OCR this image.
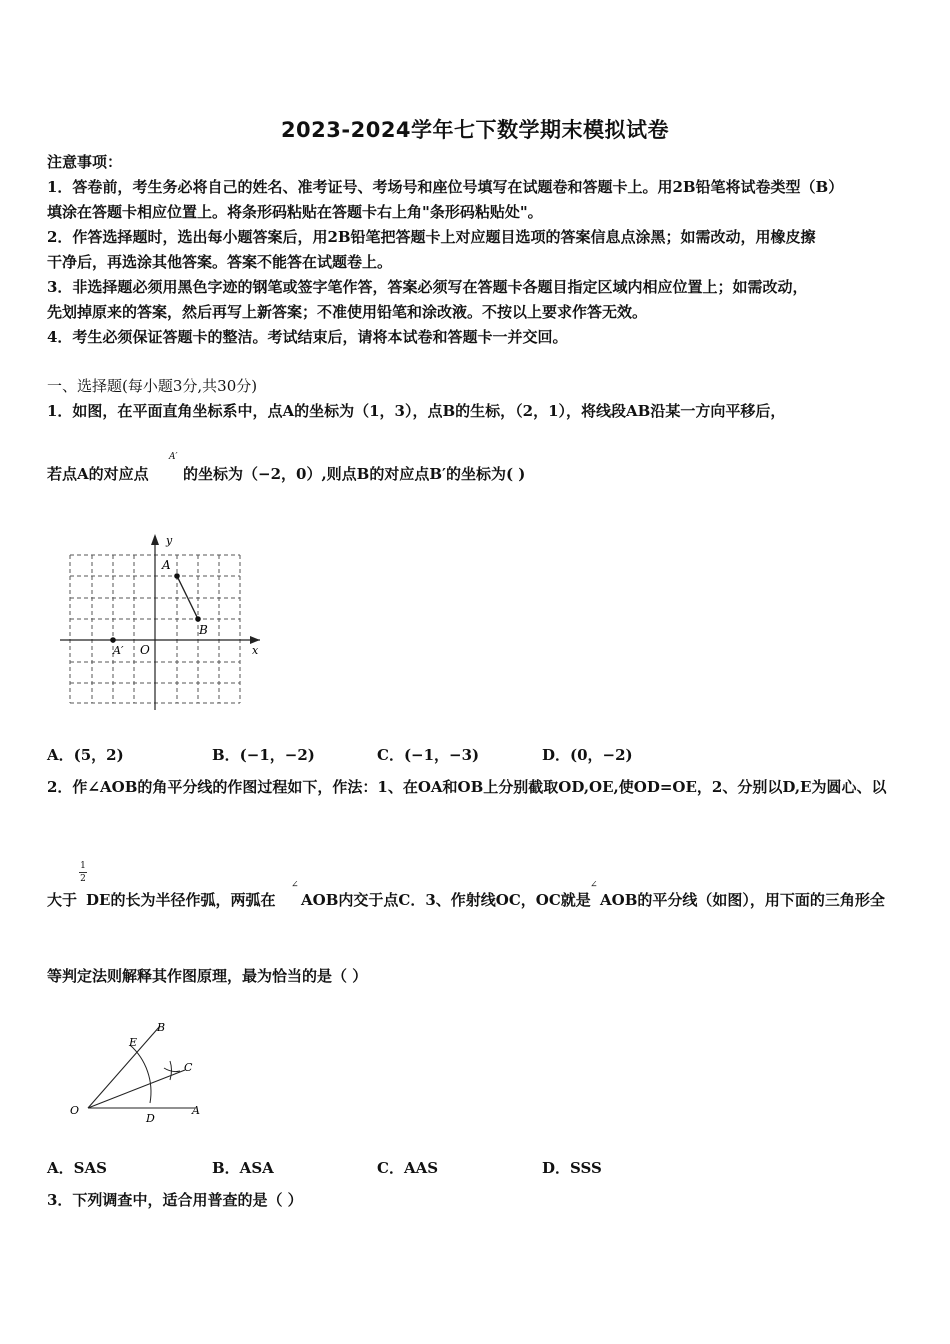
2023-2024学年七下数学期末模拟试卷
注意事项：
1．答卷前，考生务必将自己的姓名、准考证号、考场号和座位号填写在试题卷和答题卡上。用2B铅笔将试卷类型（B）
填涂在答题卡相应位置上。将条形码粘贴在答题卡右上角"条形码粘贴处"。
2．作答选择题时，选出每小题答案后，用2B铅笔把答题卡上对应题目选项的答案信息点涂黑；如需改动，用橡皮擦
干净后，再选涂其他答案。答案不能答在试题卷上。
3．非选择题必须用黑色字迹的钢笔或签字笔作答，答案必须写在答题卡各题目指定区域内相应位置上；如需改动，
先划掉原来的答案，然后再写上新答案；不准使用铅笔和涂改液。不按以上要求作答无效。
4．考生必须保证答题卡的整洁。考试结束后，请将本试卷和答题卡一并交回。
一、选择题(每小题3分,共30分)
1．如图，在平面直角坐标系中，点A的坐标为（1，3），点B的生标，（2，1），将线段AB沿某一方向平移后，
若点A的对应点
A′
的坐标为（−2，0）,则点B的对应点B′的坐标为( )
y
x
A
B
O
A′
A．(5，2)	B．(−1，−2)	C．(−1，−3)	D．(0，−2)
2．作∠AOB的角平分线的作图过程如下，作法：1、在OA和OB上分别截取OD,OE,使OD=OE，2、分别以D,E为圆心、以
1
2
大于 DE的长为半径作弧，两弧在
∠
AOB内交于点C．3、作射线OC，OC就是
∠
AOB的平分线（如图），用下面的三角形全
等判定法则解释其作图原理，最为恰当的是（ ）
O	A
B
C
D
E
A．SAS	B．ASA	C．AAS	D．SSS
3．下列调查中，适合用普查的是（ ）
